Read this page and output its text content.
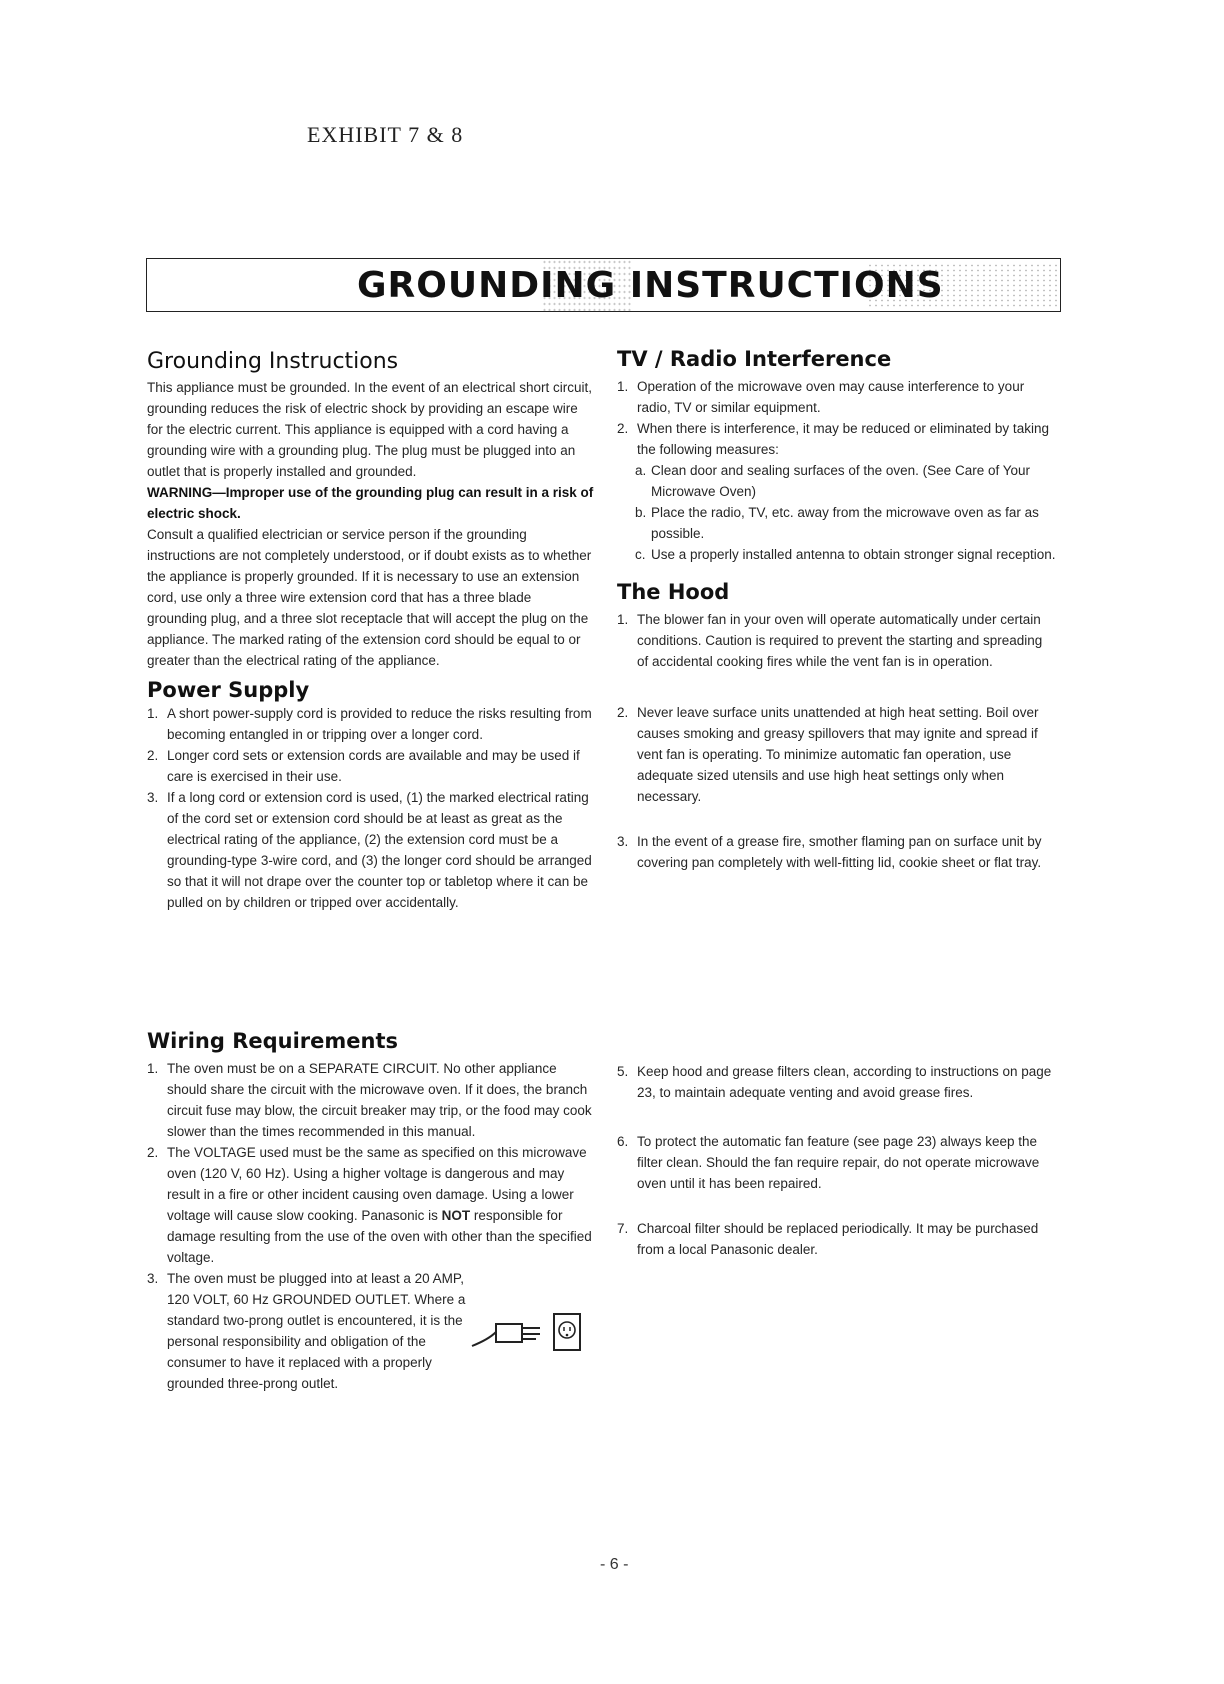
EXHIBIT 7 & 8
GROUNDING INSTRUCTIONS
Grounding Instructions

This appliance must be grounded. In the event of an electrical short circuit, grounding reduces the risk of electric shock by providing an escape wire for the electric current. This appliance is equipped with a cord having a grounding wire with a grounding plug. The plug must be plugged into an outlet that is properly installed and grounded.

WARNING—Improper use of the grounding plug can result in a risk of electric shock.

Consult a qualified electrician or service person if the grounding instructions are not completely understood, or if doubt exists as to whether the appliance is properly grounded. If it is necessary to use an extension cord, use only a three wire extension cord that has a three blade grounding plug, and a three slot receptacle that will accept the plug on the appliance. The marked rating of the extension cord should be equal to or greater than the electrical rating of the appliance.

Power Supply
1. A short power-supply cord is provided to reduce the risks resulting from becoming entangled in or tripping over a longer cord.
2. Longer cord sets or extension cords are available and may be used if care is exercised in their use.
3. If a long cord or extension cord is used, (1) the marked electrical rating of the cord set or extension cord should be at least as great as the electrical rating of the appliance, (2) the extension cord must be a grounding-type 3-wire cord, and (3) the longer cord should be arranged so that it will not drape over the counter top or tabletop where it can be pulled on by children or tripped over accidentally.
Wiring Requirements
1. The oven must be on a SEPARATE CIRCUIT. No other appliance should share the circuit with the microwave oven. If it does, the branch circuit fuse may blow, the circuit breaker may trip, or the food may cook slower than the times recommended in this manual.
2. The VOLTAGE used must be the same as specified on this microwave oven (120 V, 60 Hz). Using a higher voltage is dangerous and may result in a fire or other incident causing oven damage. Using a lower voltage will cause slow cooking. Panasonic is NOT responsible for damage resulting from the use of the oven with other than the specified voltage.
3. The oven must be plugged into at least a 20 AMP, 120 VOLT, 60 Hz GROUNDED OUTLET. Where a standard two-prong outlet is encountered, it is the personal responsibility and obligation of the consumer to have it replaced with a properly grounded three-prong outlet.
TV / Radio Interference
1. Operation of the microwave oven may cause interference to your radio, TV or similar equipment.
2. When there is interference, it may be reduced or eliminated by taking the following measures:
a. Clean door and sealing surfaces of the oven. (See Care of Your Microwave Oven)
b. Place the radio, TV, etc. away from the microwave oven as far as possible.
c. Use a properly installed antenna to obtain stronger signal reception.
The Hood
1. The blower fan in your oven will operate automatically under certain conditions. Caution is required to prevent the starting and spreading of accidental cooking fires while the vent fan is in operation.
2. Never leave surface units unattended at high heat setting. Boil over causes smoking and greasy spillovers that may ignite and spread if vent fan is operating. To minimize automatic fan operation, use adequate sized utensils and use high heat settings only when necessary.
3. In the event of a grease fire, smother flaming pan on surface unit by covering pan completely with well-fitting lid, cookie sheet or flat tray.
5. Keep hood and grease filters clean, according to instructions on page 23, to maintain adequate venting and avoid grease fires.
6. To protect the automatic fan feature (see page 23) always keep the filter clean. Should the fan require repair, do not operate microwave oven until it has been repaired.
7. Charcoal filter should be replaced periodically. It may be purchased from a local Panasonic dealer.
- 6 -
